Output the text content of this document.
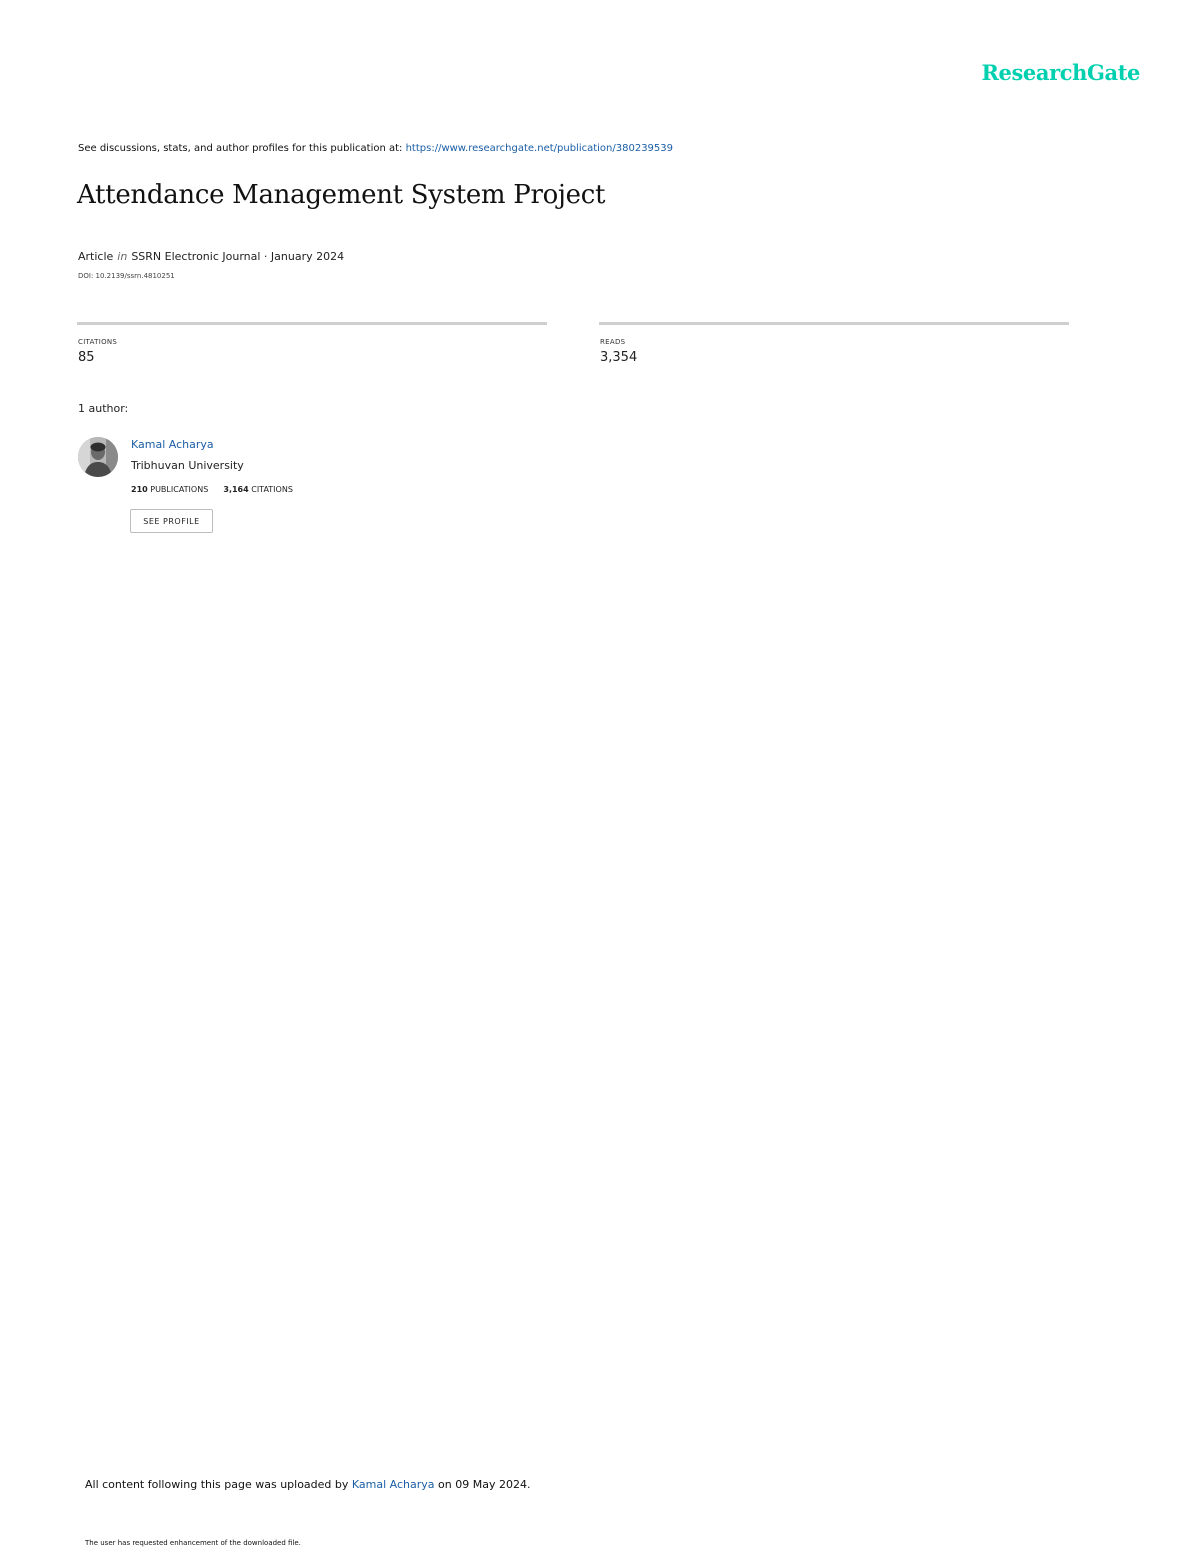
ResearchGate
See discussions, stats, and author profiles for this publication at: https://www.researchgate.net/publication/380239539
Attendance Management System Project
Article in SSRN Electronic Journal · January 2024
DOI: 10.2139/ssrn.4810251
CITATIONS
85
READS
3,354
1 author:
Kamal Acharya
Tribhuvan University
210 PUBLICATIONS 3,164 CITATIONS
SEE PROFILE
All content following this page was uploaded by Kamal Acharya on 09 May 2024.
The user has requested enhancement of the downloaded file.
